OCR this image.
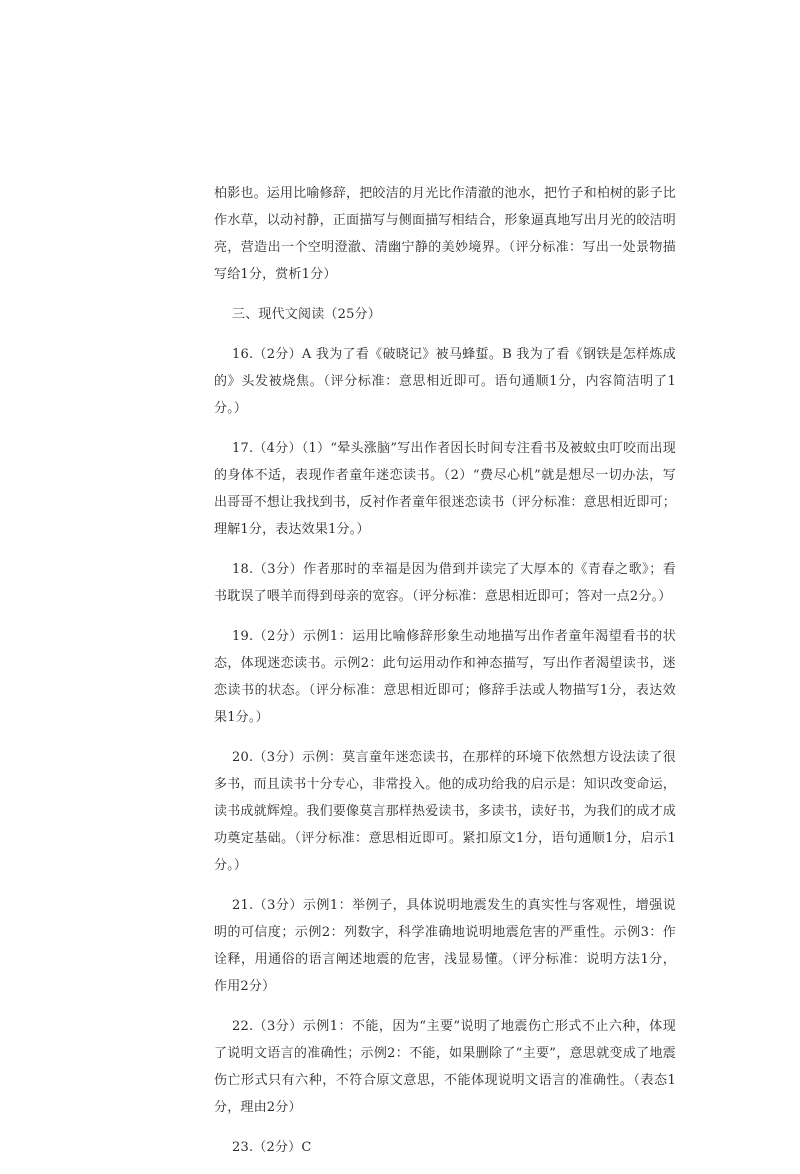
柏影也。运用比喻修辞，把皎洁的月光比作清澈的池水，把竹子和柏树的影子比作水草，以动衬静，正面描写与侧面描写相结合，形象逼真地写出月光的皎洁明亮，营造出一个空明澄澈、清幽宁静的美妙境界。（评分标准：写出一处景物描写给1分，赏析1分）

三、现代文阅读（25分）

16.（2分）A 我为了看《破晓记》被马蜂蜇。B 我为了看《钢铁是怎样炼成的》头发被烧焦。（评分标准：意思相近即可。语句通顺1分，内容简洁明了1分。）

17.（4分）（1）“晕头涨脑”写出作者因长时间专注看书及被蚊虫叮咬而出现的身体不适，表现作者童年迷恋读书。（2）“费尽心机”就是想尽一切办法，写出哥哥不想让我找到书，反衬作者童年很迷恋读书（评分标准：意思相近即可；理解1分，表达效果1分。）

18.（3分）作者那时的幸福是因为借到并读完了大厚本的《青春之歌》；看书耽误了喂羊而得到母亲的宽容。（评分标准：意思相近即可；答对一点2分。）

19.（2分）示例1：运用比喻修辞形象生动地描写出作者童年渴望看书的状态，体现迷恋读书。示例2：此句运用动作和神态描写，写出作者渴望读书，迷恋读书的状态。（评分标准：意思相近即可；修辞手法或人物描写1分，表达效果1分。）

20.（3分）示例：莫言童年迷恋读书，在那样的环境下依然想方设法读了很多书，而且读书十分专心，非常投入。他的成功给我的启示是：知识改变命运，读书成就辉煌。我们要像莫言那样热爱读书，多读书，读好书，为我们的成才成功奠定基础。（评分标准：意思相近即可。紧扣原文1分，语句通顺1分，启示1分。）

21.（3分）示例1：举例子，具体说明地震发生的真实性与客观性，增强说明的可信度；示例2：列数字，科学准确地说明地震危害的严重性。示例3：作诠释，用通俗的语言阐述地震的危害，浅显易懂。（评分标准：说明方法1分，作用2分）

22.（3分）示例1：不能，因为“主要”说明了地震伤亡形式不止六种，体现了说明文语言的准确性；示例2：不能，如果删除了“主要”，意思就变成了地震伤亡形式只有六种，不符合原文意思，不能体现说明文语言的准确性。（表态1分，理由2分）

23.（2分）C
